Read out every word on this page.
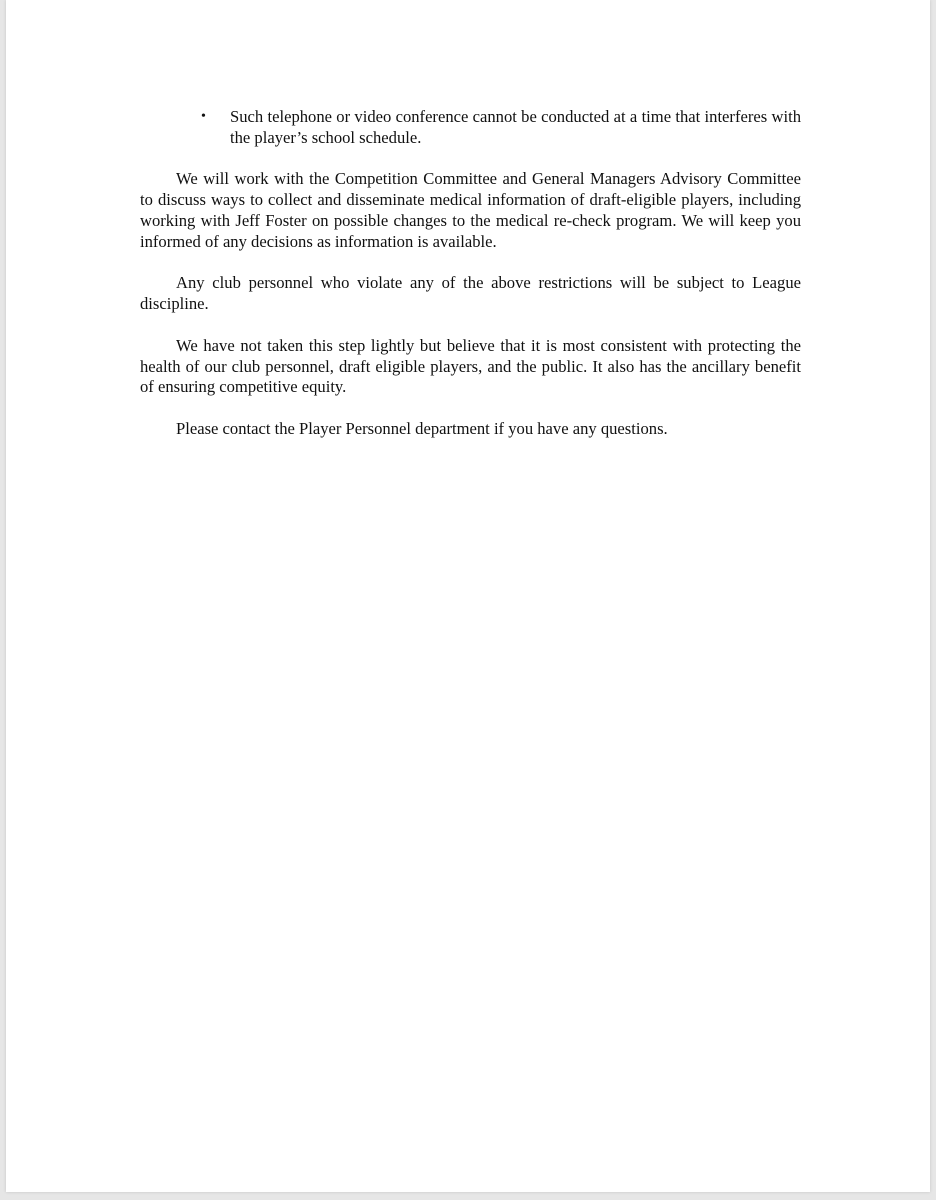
•	Such telephone or video conference cannot be conducted at a time that interferes with the player’s school schedule.

We will work with the Competition Committee and General Managers Advisory Committee to discuss ways to collect and disseminate medical information of draft-eligible players, including working with Jeff Foster on possible changes to the medical re-check program. We will keep you informed of any decisions as information is available.

Any club personnel who violate any of the above restrictions will be subject to League discipline.

We have not taken this step lightly but believe that it is most consistent with protecting the health of our club personnel, draft eligible players, and the public. It also has the ancillary benefit of ensuring competitive equity.

Please contact the Player Personnel department if you have any questions.
